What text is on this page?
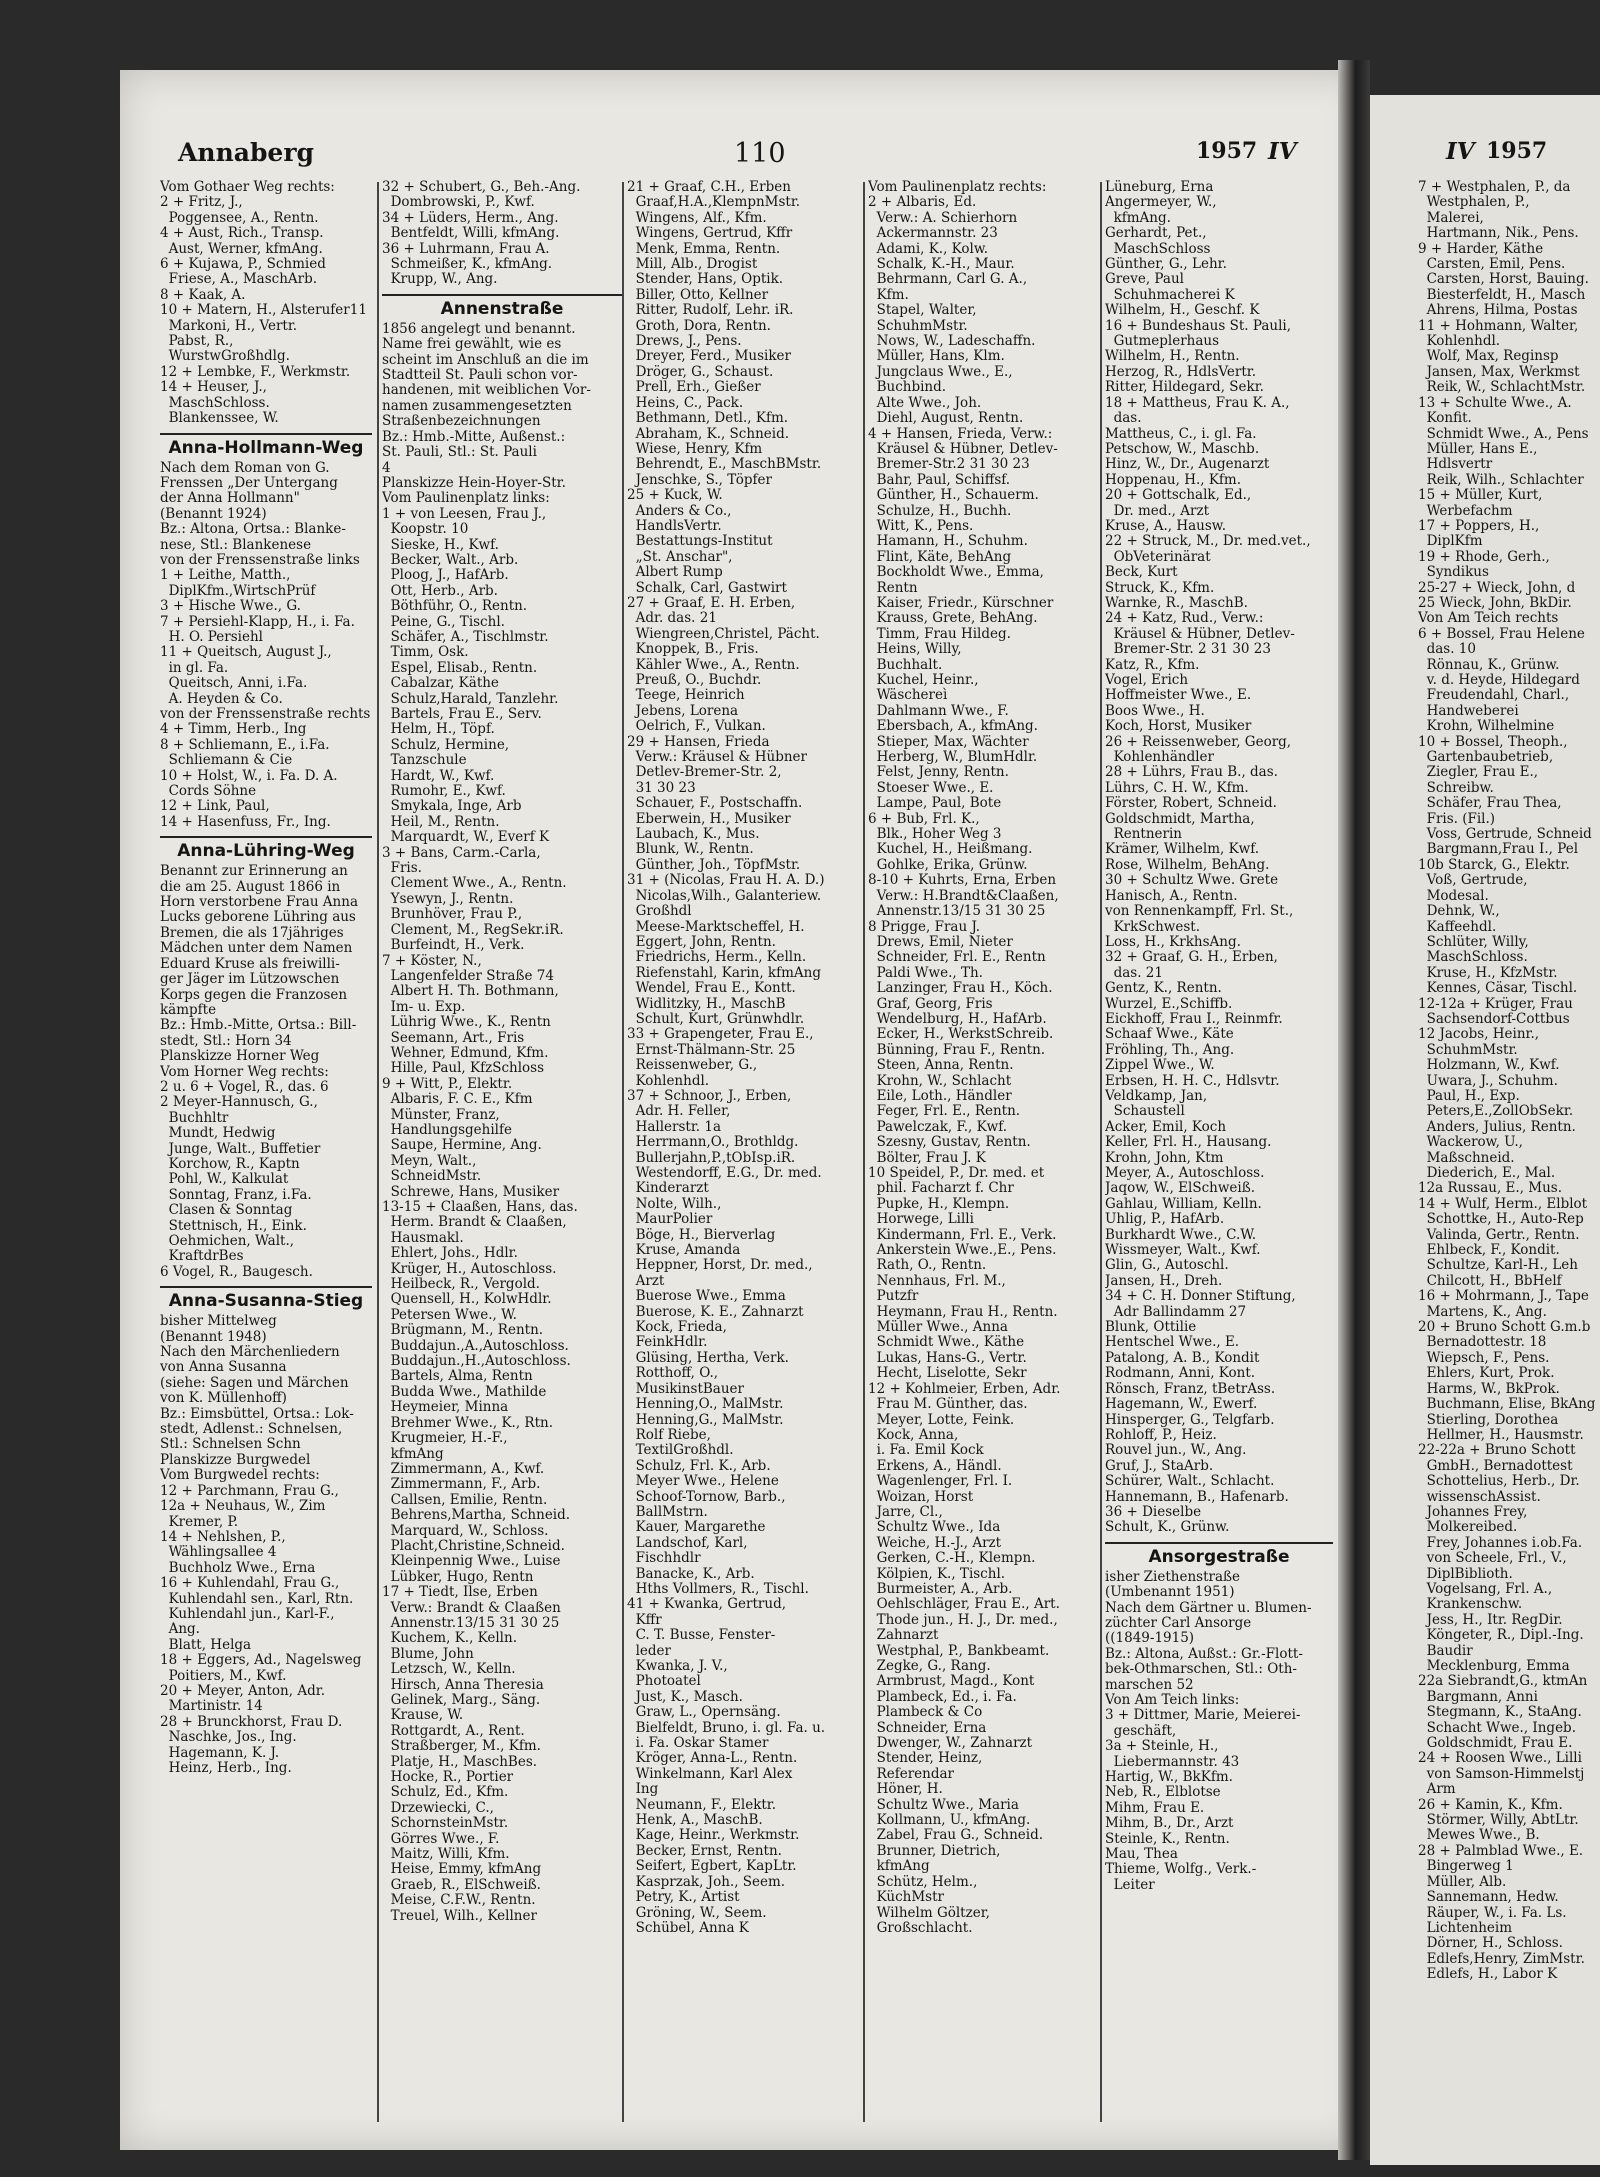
Annaberg	110	1957 IV	IV 1957
Vom Gothaer Weg rechts:
2 + Fritz, J.,
Poggensee, A., Rentn.
4 + Aust, Rich., Transp.
Aust, Werner, kfmAng.
6 + Kujawa, P., Schmied
Friese, A., MaschArb.
8 + Kaak, A.
10 + Matern, H., Alsterufer11
Markoni, H., Vertr.
Pabst, R.,
WurstwGroßhdlg.
12 + Lembke, F., Werkmstr.
14 + Heuser, J.,
MaschSchloss.
Blankenssee, W.
Anna-Hollmann-Weg
Nach dem Roman von G.
Frenssen „Der Untergang
der Anna Hollmann"
(Benannt 1924)
Bz.: Altona, Ortsa.: Blanke-
nese, Stl.: Blankenese
von der Frenssenstraße links
1 + Leithe, Matth.,
DiplKfm.,WirtschPrüf
3 + Hische Wwe., G.
7 + Persiehl-Klapp, H., i. Fa.
H. O. Persiehl
11 + Queitsch, August J.,
in gl. Fa.
Queitsch, Anni, i.Fa.
A. Heyden & Co.
von der Frenssenstraße rechts
4 + Timm, Herb., Ing
8 + Schliemann, E., i.Fa.
Schliemann & Cie
10 + Holst, W., i. Fa. D. A.
Cords Söhne
12 + Link, Paul,
14 + Hasenfuss, Fr., Ing.
Anna-Lühring-Weg
Benannt zur Erinnerung an
die am 25. August 1866 in
Horn verstorbene Frau Anna
Lucks geborene Lühring aus
Bremen, die als 17jähriges
Mädchen unter dem Namen
Eduard Kruse als freiwilli-
ger Jäger im Lützowschen
Korps gegen die Franzosen
kämpfte
Bz.: Hmb.-Mitte, Ortsa.: Bill-
stedt, Stl.: Horn 34
Planskizze Horner Weg
Vom Horner Weg rechts:
2 u. 6 + Vogel, R., das. 6
2 Meyer-Hannusch, G.,
Buchhltr
Mundt, Hedwig
Junge, Walt., Buffetier
Korchow, R., Kaptn
Pohl, W., Kalkulat
Sonntag, Franz, i.Fa.
Clasen & Sonntag
Stettnisch, H., Eink.
Oehmichen, Walt.,
KraftdrBes
6 Vogel, R., Baugesch.
Anna-Susanna-Stieg
bisher Mittelweg
(Benannt 1948)
Nach den Märchenliedern
von Anna Susanna
(siehe: Sagen und Märchen
von K. Müllenhoff)
Bz.: Eimsbüttel, Ortsa.: Lok-
stedt, Adlenst.: Schnelsen,
Stl.: Schnelsen Schn
Planskizze Burgwedel
Vom Burgwedel rechts:
12 + Parchmann, Frau G.,
12a + Neuhaus, W., Zim
Kremer, P.
14 + Nehlshen, P.,
Wählingsallee 4
Buchholz Wwe., Erna
16 + Kuhlendahl, Frau G.,
Kuhlendahl sen., Karl, Rtn.
Kuhlendahl jun., Karl-F.,
Ang.
Blatt, Helga
18 + Eggers, Ad., Nagelsweg
Poitiers, M., Kwf.
20 + Meyer, Anton, Adr.
Martinistr. 14
28 + Brunckhorst, Frau D.
Naschke, Jos., Ing.
Hagemann, K. J.
Heinz, Herb., Ing.
32 + Schubert, G., Beh.-Ang.
Dombrowski, P., Kwf.
34 + Lüders, Herm., Ang.
Bentfeldt, Willi, kfmAng.
36 + Luhrmann, Frau A.
Schmeißer, K., kfmAng.
Krupp, W., Ang.
Annenstraße
1856 angelegt und benannt.
Name frei gewählt, wie es
scheint im Anschluß an die im
Stadtteil St. Pauli schon vor-
handenen, mit weiblichen Vor-
namen zusammengesetzten
Straßenbezeichnungen
Bz.: Hmb.-Mitte, Außenst.:
St. Pauli, Stl.: St. Pauli
4
Planskizze Hein-Hoyer-Str.
Vom Paulinenplatz links:
1 + von Leesen, Frau J.,
Koopstr. 10
Sieske, H., Kwf.
Becker, Walt., Arb.
Ploog, J., HafArb.
Ott, Herb., Arb.
Böthführ, O., Rentn.
Peine, G., Tischl.
Schäfer, A., Tischlmstr.
Timm, Osk.
Espel, Elisab., Rentn.
Cabalzar, Käthe
Schulz,Harald, Tanzlehr.
Bartels, Frau E., Serv.
Helm, H., Töpf.
Schulz, Hermine,
Tanzschule
Hardt, W., Kwf.
Rumohr, E., Kwf.
Smykala, Inge, Arb
Heil, M., Rentn.
Marquardt, W., Everf K
3 + Bans, Carm.-Carla,
Fris.
Clement Wwe., A., Rentn.
Ysewyn, J., Rentn.
Brunhöver, Frau P.,
Clement, M., RegSekr.iR.
Burfeindt, H., Verk.
7 + Köster, N.,
Langenfelder Straße 74
Albert H. Th. Bothmann,
Im- u. Exp.
Lührig Wwe., K., Rentn
Seemann, Art., Fris
Wehner, Edmund, Kfm.
Hille, Paul, KfzSchloss
9 + Witt, P., Elektr.
Albaris, F. C. E., Kfm
Münster, Franz,
Handlungsgehilfe
Saupe, Hermine, Ang.
Meyn, Walt.,
SchneidMstr.
Schrewe, Hans, Musiker
13-15 + Claaßen, Hans, das.
Herm. Brandt & Claaßen,
Hausmakl.
Ehlert, Johs., Hdlr.
Krüger, H., Autoschloss.
Heilbeck, R., Vergold.
Quensell, H., KolwHdlr.
Petersen Wwe., W.
Brügmann, M., Rentn.
Buddajun.,A.,Autoschloss.
Buddajun.,H.,Autoschloss.
Bartels, Alma, Rentn
Budda Wwe., Mathilde
Heymeier, Minna
Brehmer Wwe., K., Rtn.
Krugmeier, H.-F.,
kfmAng
Zimmermann, A., Kwf.
Zimmermann, F., Arb.
Callsen, Emilie, Rentn.
Behrens,Martha, Schneid.
Marquard, W., Schloss.
Placht,Christine,Schneid.
Kleinpennig Wwe., Luise
Lübker, Hugo, Rentn
17 + Tiedt, Ilse, Erben
Verw.: Brandt & Claaßen
Annenstr.13/15 31 30 25
Kuchem, K., Kelln.
Blume, John
Letzsch, W., Kelln.
Hirsch, Anna Theresia
Gelinek, Marg., Säng.
Krause, W.
Rottgardt, A., Rent.
Straßberger, M., Kfm.
Platje, H., MaschBes.
Hocke, R., Portier
Schulz, Ed., Kfm.
Drzewiecki, C.,
SchornsteinMstr.
Görres Wwe., F.
Maitz, Willi, Kfm.
Heise, Emmy, kfmAng
Graeb, R., ElSchweiß.
Meise, C.F.W., Rentn.
Treuel, Wilh., Kellner
21 + Graaf, C.H., Erben
Graaf,H.A.,KlempnMstr.
Wingens, Alf., Kfm.
Wingens, Gertrud, Kffr
Menk, Emma, Rentn.
Mill, Alb., Drogist
Stender, Hans, Optik.
Biller, Otto, Kellner
Ritter, Rudolf, Lehr. iR.
Groth, Dora, Rentn.
Drews, J., Pens.
Dreyer, Ferd., Musiker
Dröger, G., Schaust.
Prell, Erh., Gießer
Heins, C., Pack.
Bethmann, Detl., Kfm.
Abraham, K., Schneid.
Wiese, Henry, Kfm
Behrendt, E., MaschBMstr.
Jenschke, S., Töpfer
25 + Kuck, W.
Anders & Co.,
HandlsVertr.
Bestattungs-Institut
„St. Anschar",
Albert Rump
Schalk, Carl, Gastwirt
27 + Graaf, E. H. Erben,
Adr. das. 21
Wiengreen,Christel, Pächt.
Knoppek, B., Fris.
Kähler Wwe., A., Rentn.
Preuß, O., Buchdr.
Teege, Heinrich
Jebens, Lorena
Oelrich, F., Vulkan.
29 + Hansen, Frieda
Verw.: Kräusel & Hübner
Detlev-Bremer-Str. 2,
31 30 23
Schauer, F., Postschaffn.
Eberwein, H., Musiker
Laubach, K., Mus.
Blunk, W., Rentn.
Günther, Joh., TöpfMstr.
31 + (Nicolas, Frau H. A. D.)
Nicolas,Wilh., Galanteriew.
Großhdl
Meese-Marktscheffel, H.
Eggert, John, Rentn.
Friedrichs, Herm., Kelln.
Riefenstahl, Karin, kfmAng
Wendel, Frau E., Kontt.
Widlitzky, H., MaschB
Schult, Kurt, Grünwhdlr.
33 + Grapengeter, Frau E.,
Ernst-Thälmann-Str. 25
Reissenweber, G.,
Kohlenhdl.
37 + Schnoor, J., Erben,
Adr. H. Feller,
Hallerstr. 1a
Herrmann,O., Brothldg.
Bullerjahn,P.,tObIsp.iR.
Westendorff, E.G., Dr. med.
Kinderarzt
Nolte, Wilh.,
MaurPolier
Böge, H., Bierverlag
Kruse, Amanda
Heppner, Horst, Dr. med.,
Arzt
Buerose Wwe., Emma
Buerose, K. E., Zahnarzt
Kock, Frieda,
FeinkHdlr.
Glüsing, Hertha, Verk.
Rotthoff, O.,
MusikinstBauer
Henning,O., MalMstr.
Henning,G., MalMstr.
Rolf Riebe,
TextilGroßhdl.
Schulz, Frl. K., Arb.
Meyer Wwe., Helene
Schoof-Tornow, Barb.,
BallMstrn.
Kauer, Margarethe
Landschof, Karl,
Fischhdlr
Banacke, K., Arb.
Hths Vollmers, R., Tischl.
41 + Kwanka, Gertrud,
Kffr
C. T. Busse, Fenster-
leder
Kwanka, J. V.,
Photoatel
Just, K., Masch.
Graw, L., Opernsäng.
Bielfeldt, Bruno, i. gl. Fa. u.
i. Fa. Oskar Stamer
Kröger, Anna-L., Rentn.
Winkelmann, Karl Alex
Ing
Neumann, F., Elektr.
Henk, A., MaschB.
Kage, Heinr., Werkmstr.
Becker, Ernst, Rentn.
Seifert, Egbert, KapLtr.
Kasprzak, Joh., Seem.
Petry, K., Artist
Gröning, W., Seem.
Schübel, Anna K
Vom Paulinenplatz rechts:
2 + Albaris, Ed.
Verw.: A. Schierhorn
Ackermannstr. 23
Adami, K., Kolw.
Schalk, K.-H., Maur.
Behrmann, Carl G. A.,
Kfm.
Stapel, Walter,
SchuhmMstr.
Nows, W., Ladeschaffn.
Müller, Hans, Klm.
Jungclaus Wwe., E.,
Buchbind.
Alte Wwe., Joh.
Diehl, August, Rentn.
4 + Hansen, Frieda, Verw.:
Kräusel & Hübner, Detlev-
Bremer-Str.2 31 30 23
Bahr, Paul, Schiffsf.
Günther, H., Schauerm.
Schulze, H., Buchh.
Witt, K., Pens.
Hamann, H., Schuhm.
Flint, Käte, BehAng
Bockholdt Wwe., Emma,
Rentn
Kaiser, Friedr., Kürschner
Krauss, Grete, BehAng.
Timm, Frau Hildeg.
Heins, Willy,
Buchhalt.
Kuchel, Heinr.,
Wäschereì
Dahlmann Wwe., F.
Ebersbach, A., kfmAng.
Stieper, Max, Wächter
Herberg, W., BlumHdlr.
Felst, Jenny, Rentn.
Stoeser Wwe., E.
Lampe, Paul, Bote
6 + Bub, Frl. K.,
Blk., Hoher Weg 3
Kuchel, H., Heißmang.
Gohlke, Erika, Grünw.
8-10 + Kuhrts, Erna, Erben
Verw.: H.Brandt&Claaßen,
Annenstr.13/15 31 30 25
8 Prigge, Frau J.
Drews, Emil, Nieter
Schneider, Frl. E., Rentn
Paldi Wwe., Th.
Lanzinger, Frau H., Köch.
Graf, Georg, Fris
Wendelburg, H., HafArb.
Ecker, H., WerkstSchreib.
Bünning, Frau F., Rentn.
Steen, Anna, Rentn.
Krohn, W., Schlacht
Eile, Loth., Händler
Feger, Frl. E., Rentn.
Pawelczak, F., Kwf.
Szesny, Gustav, Rentn.
Bölter, Frau J. K
10 Speidel, P., Dr. med. et
phil. Facharzt f. Chr
Pupke, H., Klempn.
Horwege, Lilli
Kindermann, Frl. E., Verk.
Ankerstein Wwe.,E., Pens.
Rath, O., Rentn.
Nennhaus, Frl. M.,
Putzfr
Heymann, Frau H., Rentn.
Müller Wwe., Anna
Schmidt Wwe., Käthe
Lukas, Hans-G., Vertr.
Hecht, Liselotte, Sekr
12 + Kohlmeier, Erben, Adr.
Frau M. Günther, das.
Meyer, Lotte, Feink.
Kock, Anna,
i. Fa. Emil Kock
Erkens, A., Händl.
Wagenlenger, Frl. I.
Woizan, Horst
Jarre, Cl.,
Schultz Wwe., Ida
Weiche, H.-J., Arzt
Gerken, C.-H., Klempn.
Kölpien, K., Tischl.
Burmeister, A., Arb.
Oehlschläger, Frau E., Art.
Thode jun., H. J., Dr. med.,
Zahnarzt
Westphal, P., Bankbeamt.
Zegke, G., Rang.
Armbrust, Magd., Kont
Plambeck, Ed., i. Fa.
Plambeck & Co
Schneider, Erna
Dwenger, W., Zahnarzt
Stender, Heinz,
Referendar
Höner, H.
Schultz Wwe., Maria
Kollmann, U., kfmAng.
Zabel, Frau G., Schneid.
Brunner, Dietrich,
kfmAng
Schütz, Helm.,
KüchMstr
Wilhelm Göltzer,
Großschlacht.
Lüneburg, Erna
Angermeyer, W.,
kfmAng.
Gerhardt, Pet.,
MaschSchloss
Günther, G., Lehr.
Greve, Paul
Schuhmacherei K
Wilhelm, H., Geschf. K
16 + Bundeshaus St. Pauli,
Gutmeplerhaus
Wilhelm, H., Rentn.
Herzog, R., HdlsVertr.
Ritter, Hildegard, Sekr.
18 + Mattheus, Frau K. A.,
das.
Mattheus, C., i. gl. Fa.
Petschow, W., Maschb.
Hinz, W., Dr., Augenarzt
Hoppenau, H., Kfm.
20 + Gottschalk, Ed.,
Dr. med., Arzt
Kruse, A., Hausw.
22 + Struck, M., Dr. med.vet.,
ObVeterinärat
Beck, Kurt
Struck, K., Kfm.
Warnke, R., MaschB.
24 + Katz, Rud., Verw.:
Kräusel & Hübner, Detlev-
Bremer-Str. 2 31 30 23
Katz, R., Kfm.
Vogel, Erich
Hoffmeister Wwe., E.
Boos Wwe., H.
Koch, Horst, Musiker
26 + Reissenweber, Georg,
Kohlenhändler
28 + Lührs, Frau B., das.
Lührs, C. H. W., Kfm.
Förster, Robert, Schneid.
Goldschmidt, Martha,
Rentnerin
Krämer, Wilhelm, Kwf.
Rose, Wilhelm, BehAng.
30 + Schultz Wwe. Grete
Hanisch, A., Rentn.
von Rennenkampff, Frl. St.,
KrkSchwest.
Loss, H., KrkhsAng.
32 + Graaf, G. H., Erben,
das. 21
Gentz, K., Rentn.
Wurzel, E.,Schiffb.
Eickhoff, Frau I., Reinmfr.
Schaaf Wwe., Käte
Fröhling, Th., Ang.
Zippel Wwe., W.
Erbsen, H. H. C., Hdlsvtr.
Veldkamp, Jan,
Schaustell
Acker, Emil, Koch
Keller, Frl. H., Hausang.
Krohn, John, Ktm
Meyer, A., Autoschloss.
Jaqow, W., ElSchweiß.
Gahlau, William, Kelln.
Uhlig, P., HafArb.
Burkhardt Wwe., C.W.
Wissmeyer, Walt., Kwf.
Glin, G., Autoschl.
Jansen, H., Dreh.
34 + C. H. Donner Stiftung,
Adr Ballindamm 27
Blunk, Ottilie
Hentschel Wwe., E.
Patalong, A. B., Kondit
Rodmann, Anni, Kont.
Rönsch, Franz, tBetrAss.
Hagemann, W., Ewerf.
Hinsperger, G., Telgfarb.
Rohloff, P., Heiz.
Rouvel jun., W., Ang.
Gruf, J., StaArb.
Schürer, Walt., Schlacht.
Hannemann, B., Hafenarb.
36 + Dieselbe
Schult, K., Grünw.
Ansorgestraße
isher Ziethenstraße
(Umbenannt 1951)
Nach dem Gärtner u. Blumen-
züchter Carl Ansorge
((1849-1915)
Bz.: Altona, Außst.: Gr.-Flott-
bek-Othmarschen, Stl.: Oth-
marschen 52
Von Am Teich links:
3 + Dittmer, Marie, Meierei-
geschäft,
3a + Steinle, H.,
Liebermannstr. 43
Hartig, W., BkKfm.
Neb, R., Elblotse
Mihm, Frau E.
Mihm, B., Dr., Arzt
Steinle, K., Rentn.
Mau, Thea
Thieme, Wolfg., Verk.-
Leiter
7 + Westphalen, P., da
Westphalen, P.,
Malerei,
Hartmann, Nik., Pens.
9 + Harder, Käthe
Carsten, Emil, Pens.
Carsten, Horst, Bauing.
Biesterfeldt, H., Masch
Ahrens, Hilma, Postas
11 + Hohmann, Walter,
Kohlenhdl.
Wolf, Max, Reginsp
Jansen, Max, Werkmst
Reik, W., SchlachtMstr.
13 + Schulte Wwe., A.
Konfit.
Schmidt Wwe., A., Pens
Müller, Hans E.,
Hdlsvertr
Reik, Wilh., Schlachter
15 + Müller, Kurt,
Werbefachm
17 + Poppers, H.,
DiplKfm
19 + Rhode, Gerh.,
Syndikus
25-27 + Wieck, John, d
25 Wieck, John, BkDir.
Von Am Teich rechts
6 + Bossel, Frau Helene
das. 10
Rönnau, K., Grünw.
v. d. Heyde, Hildegard
Freudendahl, Charl.,
Handweberei
Krohn, Wilhelmine
10 + Bossel, Theoph.,
Gartenbaubetrieb,
Ziegler, Frau E.,
Schreibw.
Schäfer, Frau Thea,
Fris. (Fil.)
Voss, Gertrude, Schneid
Bargmann,Frau I., Pel
10b Starck, G., Elektr.
Voß, Gertrude,
Modesal.
Dehnk, W.,
Kaffeehdl.
Schlüter, Willy,
MaschSchloss.
Kruse, H., KfzMstr.
Kennes, Cäsar, Tischl.
12-12a + Krüger, Frau
Sachsendorf-Cottbus
12 Jacobs, Heinr.,
SchuhmMstr.
Holzmann, W., Kwf.
Uwara, J., Schuhm.
Paul, H., Exp.
Peters,E.,ZollObSekr.
Anders, Julius, Rentn.
Wackerow, U.,
Maßschneid.
Diederich, E., Mal.
12a Russau, E., Mus.
14 + Wulf, Herm., Elblot
Schottke, H., Auto-Rep
Valinda, Gertr., Rentn.
Ehlbeck, F., Kondit.
Schultze, Karl-H., Leh
Chilcott, H., BbHelf
16 + Mohrmann, J., Tape
Martens, K., Ang.
20 + Bruno Schott G.m.b
Bernadottestr. 18
Wiepsch, F., Pens.
Ehlers, Kurt, Prok.
Harms, W., BkProk.
Buchmann, Elise, BkAng
Stierling, Dorothea
Hellmer, H., Hausmstr.
22-22a + Bruno Schott
GmbH., Bernadottest
Schottelius, Herb., Dr.
wissenschAssist.
Johannes Frey,
Molkereibed.
Frey, Johannes i.ob.Fa.
von Scheele, Frl., V.,
DiplBiblioth.
Vogelsang, Frl. A.,
Krankenschw.
Jess, H., Itr. RegDir.
Köngeter, R., Dipl.-Ing.
Baudir
Mecklenburg, Emma
22a Siebrandt,G., ktmAn
Bargmann, Anni
Stegmann, K., StaAng.
Schacht Wwe., Ingeb.
Goldschmidt, Frau E.
24 + Roosen Wwe., Lilli
von Samson-Himmelstj
Arm
26 + Kamin, K., Kfm.
Störmer, Willy, AbtLtr.
Mewes Wwe., B.
28 + Palmblad Wwe., E.
Bingerweg 1
Müller, Alb.
Sannemann, Hedw.
Räuper, W., i. Fa. Ls.
Lichtenheim
Dörner, H., Schloss.
Edlefs,Henry, ZimMstr.
Edlefs, H., Labor K
